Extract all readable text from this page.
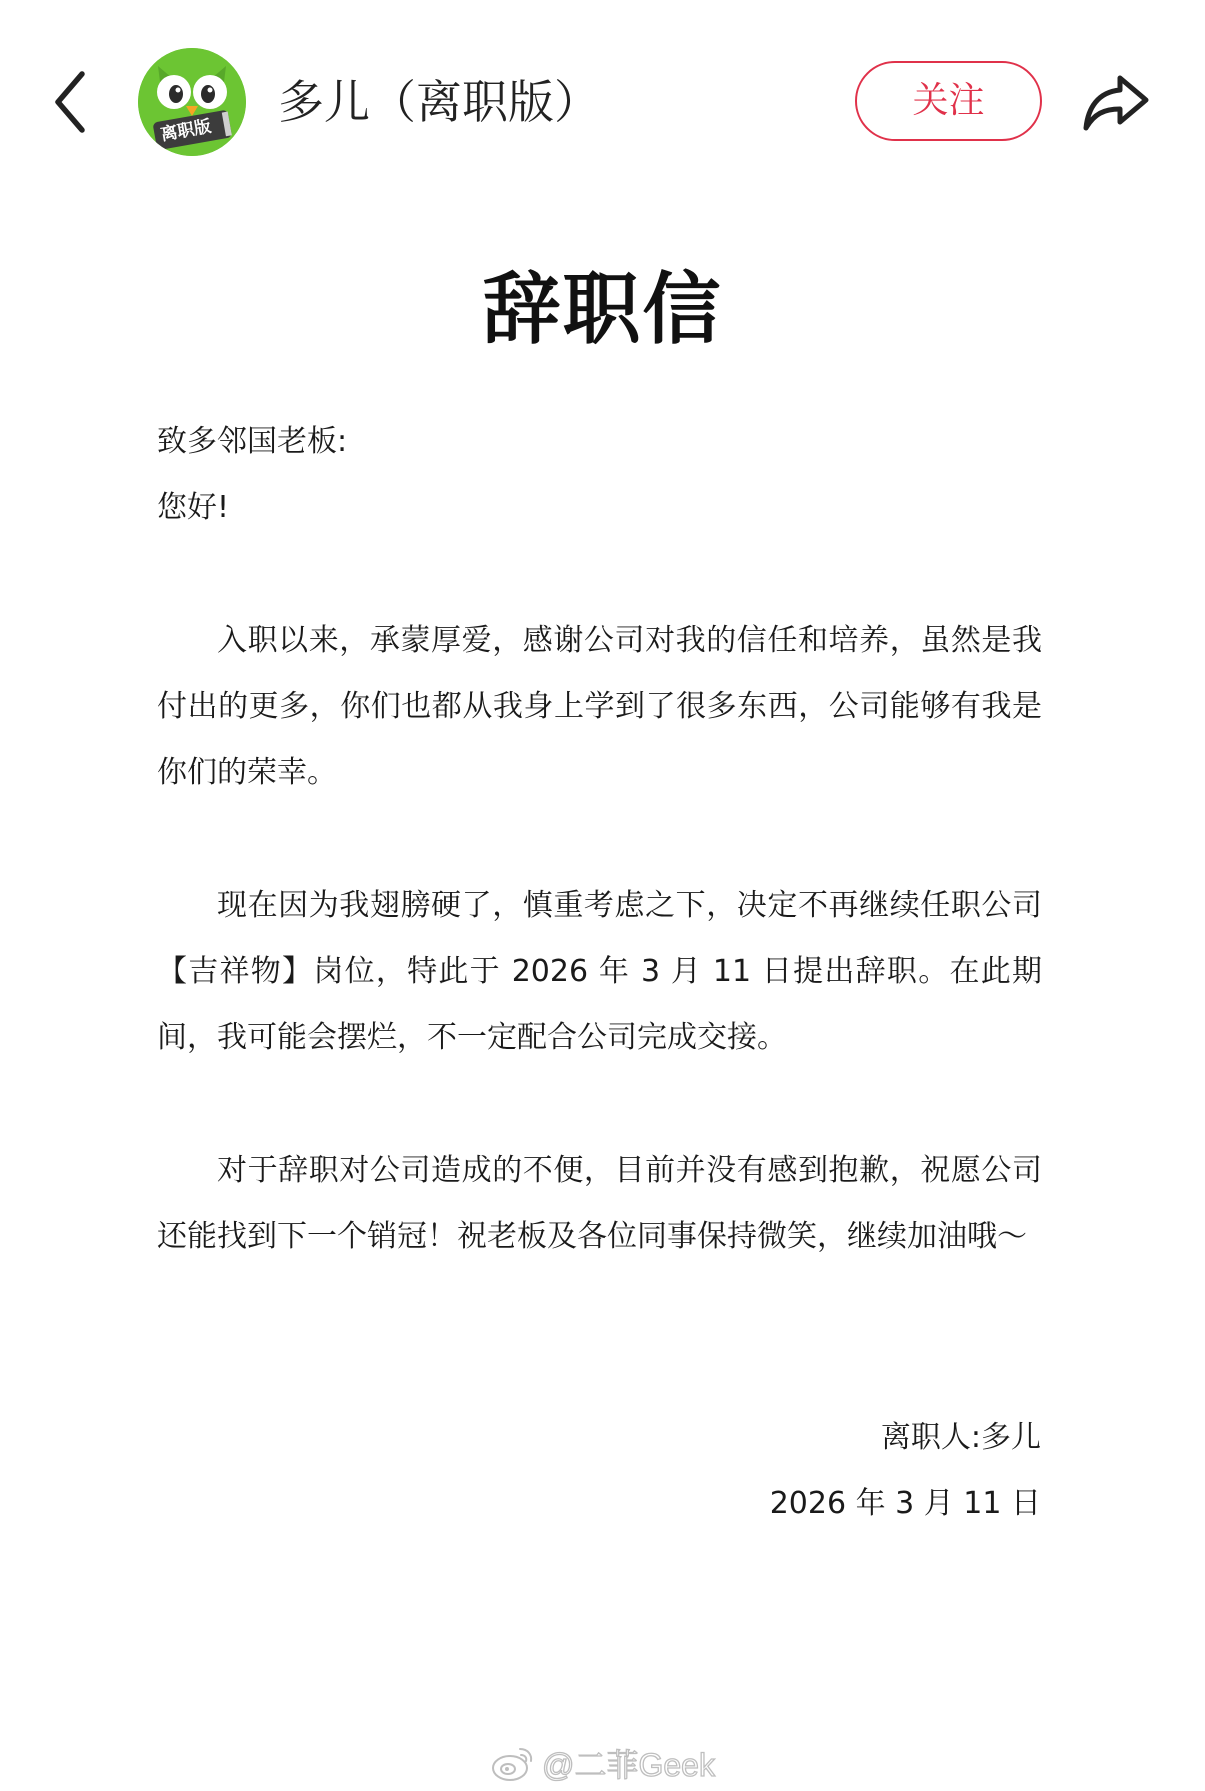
离职版
多儿（离职版）	关注
辞职信
致多邻国老板:
您好!

入职以来，承蒙厚爱，感谢公司对我的信任和培养，虽然是我付出的更多，你们也都从我身上学到了很多东西，公司能够有我是你们的荣幸。

现在因为我翅膀硬了，慎重考虑之下，决定不再继续任职公司【吉祥物】岗位，特此于 2026 年 3 月 11 日提出辞职。在此期间，我可能会摆烂，不一定配合公司完成交接。

对于辞职对公司造成的不便，目前并没有感到抱歉，祝愿公司还能找到下一个销冠！祝老板及各位同事保持微笑，继续加油哦～

离职人:多儿
2026 年 3 月 11 日
@二菲Geek
